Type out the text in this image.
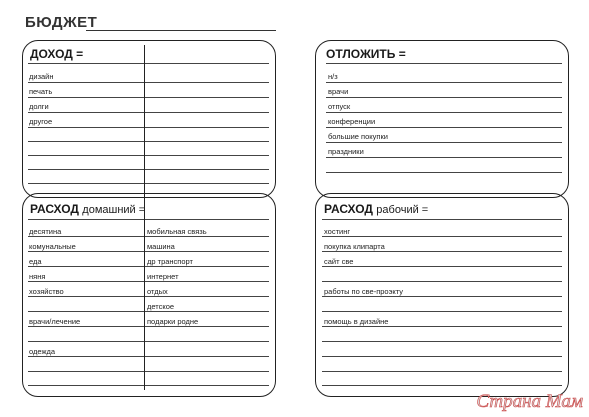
БЮДЖЕТ
ДОХОД =
дизайн
печать
долги
другое
ОТЛОЖИТЬ =
н/з
врачи
отпуск
конференции
большие покупки
праздники
РАСХОД домашний =
десятина
комунальные
еда
няня
хозяйство
врачи/лечение
одежда
мобильная связь
машина
др транспорт
интернет
отдых
детское
подарки родне
РАСХОД рабочий =
хостинг
покупка клипарта
сайт све
работы по све-проэкту
помощь в дизайне
Страна Мам
